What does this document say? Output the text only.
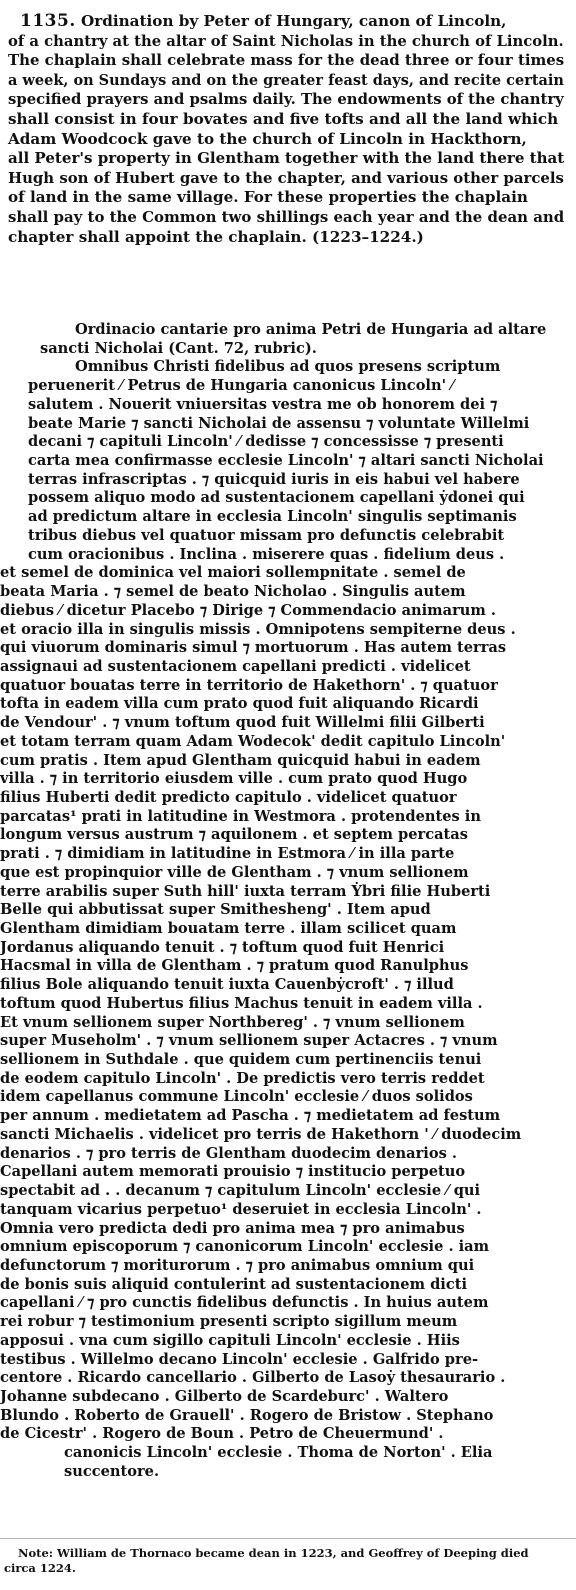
1135. Ordination by Peter of Hungary, canon of Lincoln,
of a chantry at the altar of Saint Nicholas in the church of Lincoln.
The chaplain shall celebrate mass for the dead three or four times
a week, on Sundays and on the greater feast days, and recite certain
specified prayers and psalms daily. The endowments of the chantry
shall consist in four bovates and five tofts and all the land which
Adam Woodcock gave to the church of Lincoln in Hackthorn,
all Peter's property in Glentham together with the land there that
Hugh son of Hubert gave to the chapter, and various other parcels
of land in the same village. For these properties the chaplain
shall pay to the Common two shillings each year and the dean and
chapter shall appoint the chaplain. (1223–1224.)
Ordinacio cantarie pro anima Petri de Hungaria ad altare
sancti Nicholai (Cant. 72, rubric).
Omnibus Christi fidelibus ad quos presens scriptum
peruenerit ⁄ Petrus de Hungaria canonicus Lincoln' ⁄
salutem . Nouerit vniuersitas vestra me ob honorem dei ⁊
beate Marie ⁊ sancti Nicholai de assensu ⁊ voluntate Willelmi
decani ⁊ capituli Lincoln' ⁄ dedisse ⁊ concessisse ⁊ presenti
carta mea confirmasse ecclesie Lincoln' ⁊ altari sancti Nicholai
terras infrascriptas . ⁊ quicquid iuris in eis habui vel habere
possem aliquo modo ad sustentacionem capellani ẏdonei qui
ad predictum altare in ecclesia Lincoln' singulis septimanis
tribus diebus vel quatuor missam pro defunctis celebrabit
cum oracionibus . Inclina . miserere quas . fidelium deus .
et semel de dominica vel maiori sollempnitate . semel de
beata Maria . ⁊ semel de beato Nicholao . Singulis autem
diebus ⁄ dicetur Placebo ⁊ Dirige ⁊ Commendacio animarum .
et oracio illa in singulis missis . Omnipotens sempiterne deus .
qui viuorum dominaris simul ⁊ mortuorum . Has autem terras
assignaui ad sustentacionem capellani predicti . videlicet
quatuor bouatas terre in territorio de Hakethorn' . ⁊ quatuor
tofta in eadem villa cum prato quod fuit aliquando Ricardi
de Vendour' . ⁊ vnum toftum quod fuit Willelmi filii Gilberti
et totam terram quam Adam Wodecok' dedit capitulo Lincoln'
cum pratis . Item apud Glentham quicquid habui in eadem
villa . ⁊ in territorio eiusdem ville . cum prato quod Hugo
filius Huberti dedit predicto capitulo . videlicet quatuor
parcatas¹ prati in latitudine in Westmora . protendentes in
longum versus austrum ⁊ aquilonem . et septem percatas
prati . ⁊ dimidiam in latitudine in Estmora ⁄ in illa parte
que est propinquior ville de Glentham . ⁊ vnum sellionem
terre arabilis super Suth hill' iuxta terram Ẏbri filie Huberti
Belle qui abbutissat super Smithesheng' . Item apud
Glentham dimidiam bouatam terre . illam scilicet quam
Jordanus aliquando tenuit . ⁊ toftum quod fuit Henrici
Hacsmal in villa de Glentham . ⁊ pratum quod Ranulphus
filius Bole aliquando tenuit iuxta Cauenbẏcroft' . ⁊ illud
toftum quod Hubertus filius Machus tenuit in eadem villa .
Et vnum sellionem super Northbereg' . ⁊ vnum sellionem
super Museholm' . ⁊ vnum sellionem super Actacres . ⁊ vnum
sellionem in Suthdale . que quidem cum pertinenciis tenui
de eodem capitulo Lincoln' . De predictis vero terris reddet
idem capellanus commune Lincoln' ecclesie ⁄ duos solidos
per annum . medietatem ad Pascha . ⁊ medietatem ad festum
sancti Michaelis . videlicet pro terris de Hakethorn ' ⁄ duodecim
denarios . ⁊ pro terris de Glentham duodecim denarios .
Capellani autem memorati prouisio ⁊ institucio perpetuo
spectabit ad . . decanum ⁊ capitulum Lincoln' ecclesie ⁄ qui
tanquam vicarius perpetuo¹ deseruiet in ecclesia Lincoln' .
Omnia vero predicta dedi pro anima mea ⁊ pro animabus
omnium episcoporum ⁊ canonicorum Lincoln' ecclesie . iam
defunctorum ⁊ moriturorum . ⁊ pro animabus omnium qui
de bonis suis aliquid contulerint ad sustentacionem dicti
capellani ⁄ ⁊ pro cunctis fidelibus defunctis . In huius autem
rei robur ⁊ testimonium presenti scripto sigillum meum
apposui . vna cum sigillo capituli Lincoln' ecclesie . Hiis
testibus . Willelmo decano Lincoln' ecclesie . Galfrido pre-
centore . Ricardo cancellario . Gilberto de Lasoẏ thesaurario .
Johanne subdecano . Gilberto de Scardeburc' . Waltero
Blundo . Roberto de Grauell' . Rogero de Bristow . Stephano
de Cicestr' . Rogero de Boun . Petro de Cheuermund' .
canonicis Lincoln' ecclesie . Thoma de Norton' . Elia
succentore.
Note: William de Thornaco became dean in 1223, and Geoffrey of Deeping died
circa 1224.
